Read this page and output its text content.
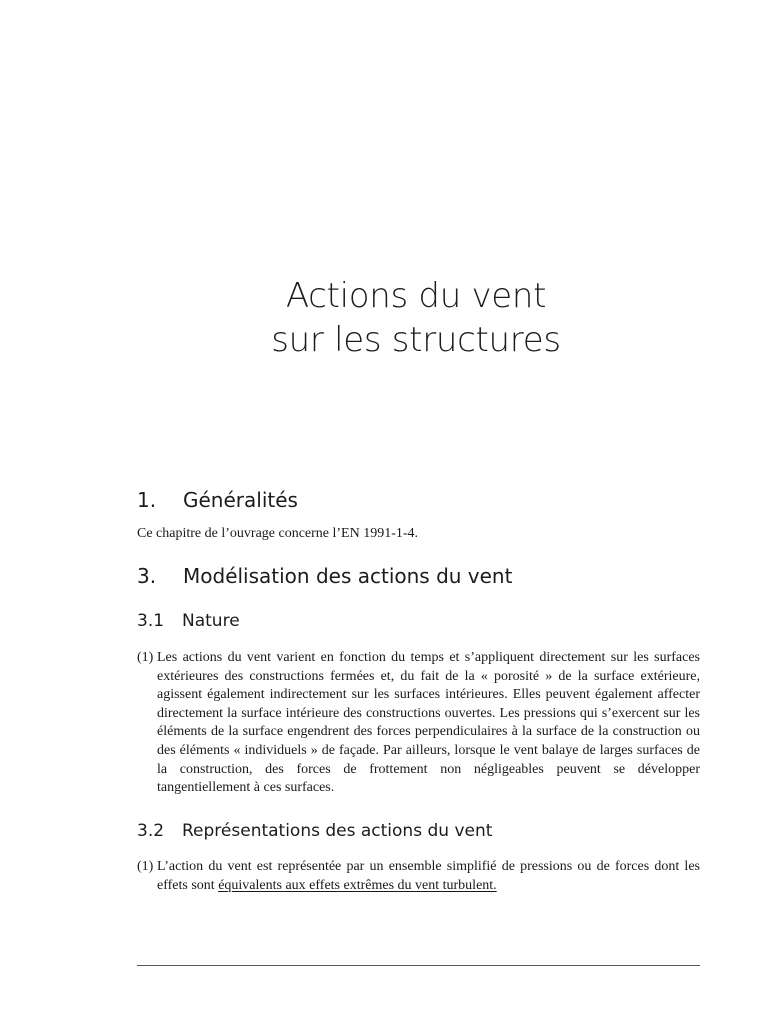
Actions du vent
sur les structures
1. Généralités
Ce chapitre de l’ouvrage concerne l’EN 1991-1-4.
3. Modélisation des actions du vent
3.1 Nature
(1) Les actions du vent varient en fonction du temps et s’appliquent directement sur les surfaces extérieures des constructions fermées et, du fait de la « porosité » de la surface extérieure, agissent également indirectement sur les surfaces intérieures. Elles peuvent également affecter directement la surface intérieure des constructions ouvertes. Les pressions qui s’exercent sur les éléments de la surface engendrent des forces perpendiculaires à la surface de la construction ou des éléments « individuels » de façade. Par ailleurs, lorsque le vent balaye de larges surfaces de la construction, des forces de frottement non négligeables peuvent se développer tangentiellement à ces surfaces.
3.2 Représentations des actions du vent
(1) L’action du vent est représentée par un ensemble simplifié de pressions ou de forces dont les effets sont équivalents aux effets extrêmes du vent turbulent.
